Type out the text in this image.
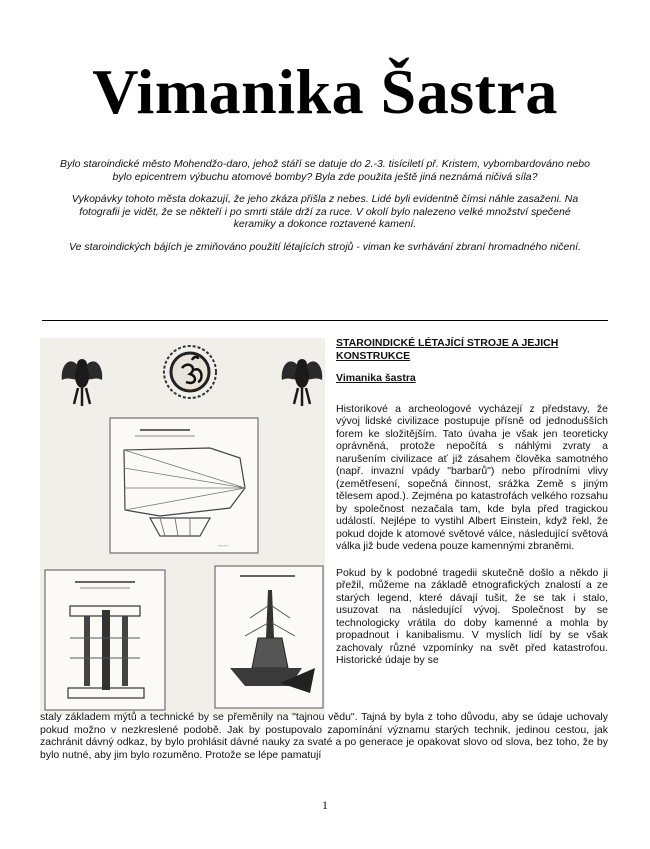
Vimanika Šastra

Bylo staroindické město Mohendžo-daro, jehož stáří se datuje do 2.-3. tisíciletí př. Kristem, vybombardováno nebo bylo epicentrem výbuchu atomové bomby? Byla zde použita ještě jiná neznámá ničivá síla?

Vykopávky tohoto města dokazují, že jeho zkáza přišla z nebes. Lidé byli evidentně čímsi náhle zasaženi. Na fotografii je vidět, že se někteří i po smrti stále drží za ruce. V okolí bylo nalezeno velké množství spečené keramiky a dokonce roztavené kamení.

Ve staroindických bájích je zmiňováno použití létajících strojů - viman ke svrhávání zbraní hromadného ničení.

~~~
STAROINDICKÉ LÉTAJÍCÍ STROJE A JEJICH KONSTRUKCE
Vimanika šastra
Historikové a archeologové vycházejí z představy, že vývoj lidské civilizace postupuje přísně od jednodušších forem ke složitějším. Tato úvaha je však jen teoreticky oprávněná, protože nepočítá s náhlými zvraty a narušením civilizace ať již zásahem člověka samotného (např. invazní vpády "barbarů") nebo přírodními vlivy (zemětřesení, sopečná činnost, srážka Země s jiným tělesem apod.). Zejména po katastrofách velkého rozsahu by společnost nezačala tam, kde byla před tragickou událostí. Nejlépe to vystihl Albert Einstein, když řekl, že pokud dojde k atomové světové válce, následující světová válka již bude vedena pouze kamennými zbraněmi.
Pokud by k podobné tragedii skutečně došlo a někdo ji přežil, můžeme na základě etnografických znalostí a ze starých legend, které dávají tušit, že se tak i stalo, usuzovat na následující vývoj. Společnost by se technologicky vrátila do doby kamenné a mohla by propadnout i kanibalismu. V myslích lidí by se však zachovaly různé vzpomínky na svět před katastrofou. Historické údaje by se
staly základem mýtů a technické by se přeměnily na "tajnou vědu". Tajná by byla z toho důvodu, aby se údaje uchovaly pokud možno v nezkreslené podobě. Jak by postupovalo zapomínání významu starých technik, jedinou cestou, jak zachránit dávný odkaz, by bylo prohlásit dávné nauky za svaté a po generace je opakovat slovo od slova, bez toho, že by bylo nutné, aby jim bylo rozuměno. Protože se lépe pamatují
1
